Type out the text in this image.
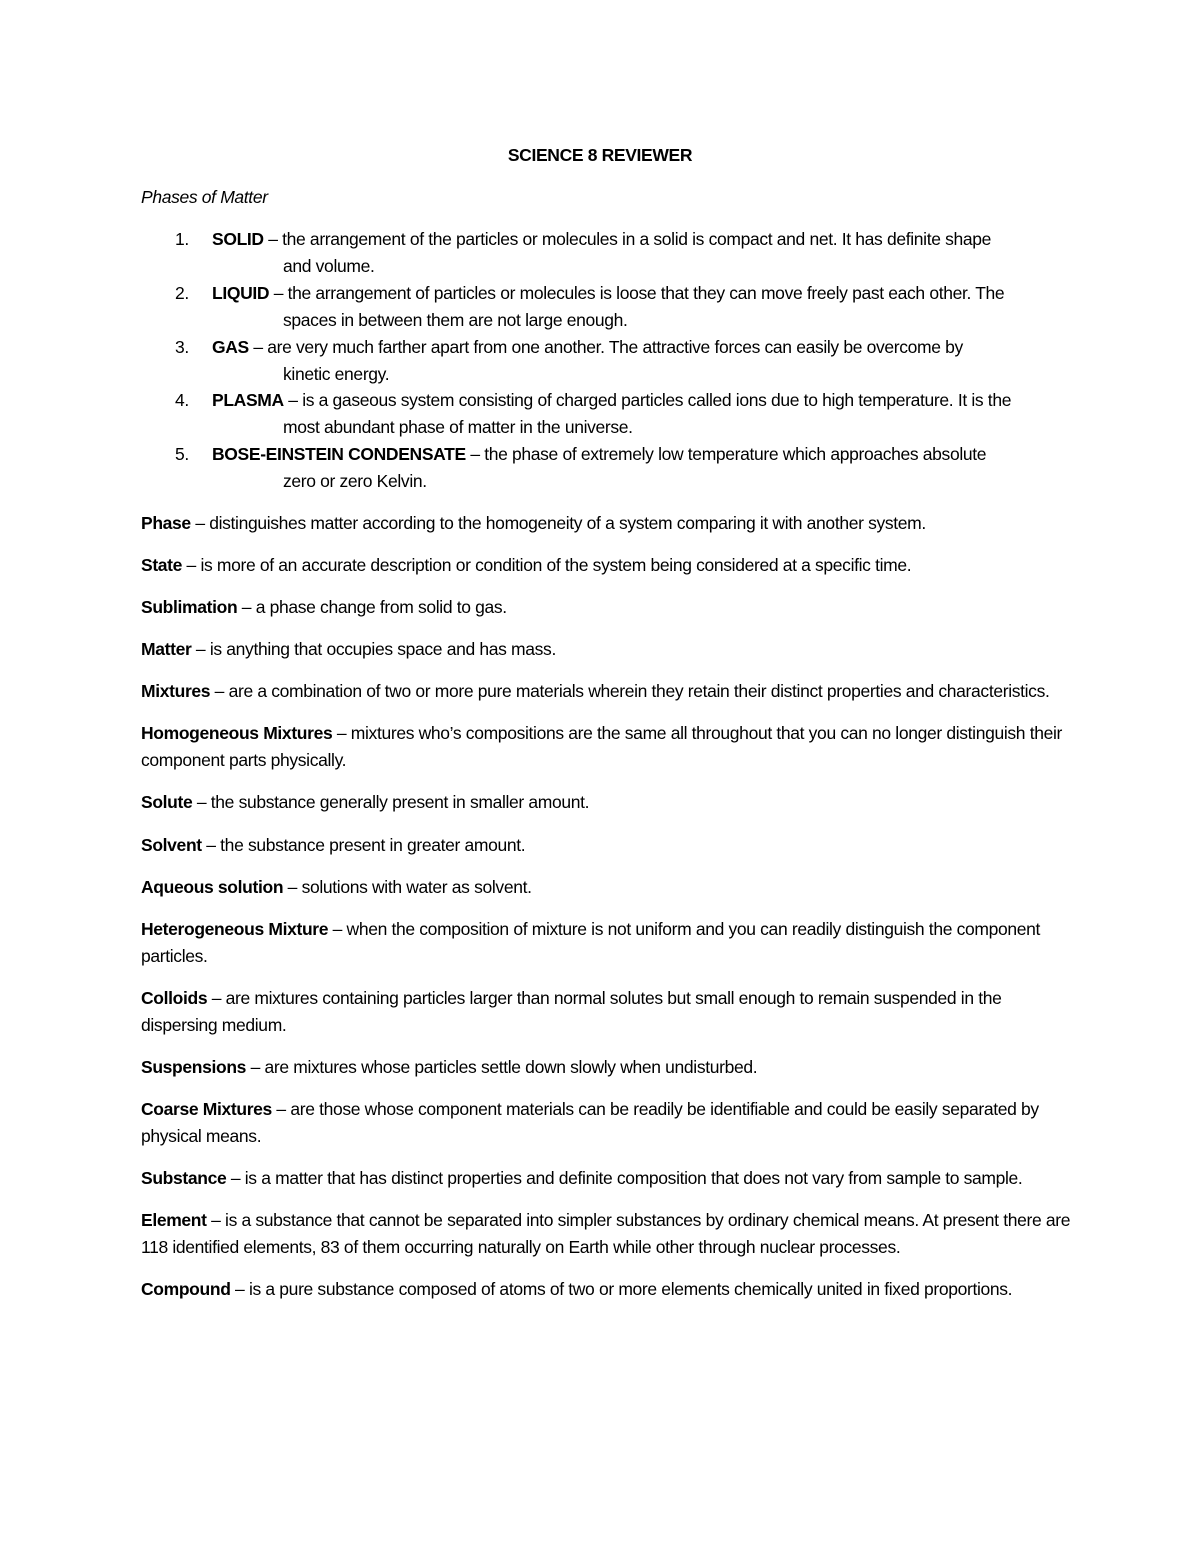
SCIENCE 8 REVIEWER
Phases of Matter
1. SOLID – the arrangement of the particles or molecules in a solid is compact and net. It has definite shape
and volume.
2. LIQUID – the arrangement of particles or molecules is loose that they can move freely past each other. The
spaces in between them are not large enough.
3. GAS – are very much farther apart from one another. The attractive forces can easily be overcome by
kinetic energy.
4. PLASMA – is a gaseous system consisting of charged particles called ions due to high temperature. It is the
most abundant phase of matter in the universe.
5. BOSE-EINSTEIN CONDENSATE – the phase of extremely low temperature which approaches absolute
zero or zero Kelvin.

Phase – distinguishes matter according to the homogeneity of a system comparing it with another system.

State – is more of an accurate description or condition of the system being considered at a specific time.

Sublimation – a phase change from solid to gas.

Matter – is anything that occupies space and has mass.

Mixtures – are a combination of two or more pure materials wherein they retain their distinct properties and characteristics.

Homogeneous Mixtures – mixtures who’s compositions are the same all throughout that you can no longer distinguish their component parts physically.

Solute – the substance generally present in smaller amount.

Solvent – the substance present in greater amount.

Aqueous solution – solutions with water as solvent.

Heterogeneous Mixture – when the composition of mixture is not uniform and you can readily distinguish the component particles.

Colloids – are mixtures containing particles larger than normal solutes but small enough to remain suspended in the dispersing medium.

Suspensions – are mixtures whose particles settle down slowly when undisturbed.

Coarse Mixtures – are those whose component materials can be readily be identifiable and could be easily separated by physical means.

Substance – is a matter that has distinct properties and definite composition that does not vary from sample to sample.

Element – is a substance that cannot be separated into simpler substances by ordinary chemical means. At present there are 118 identified elements, 83 of them occurring naturally on Earth while other through nuclear processes.

Compound – is a pure substance composed of atoms of two or more elements chemically united in fixed proportions.
